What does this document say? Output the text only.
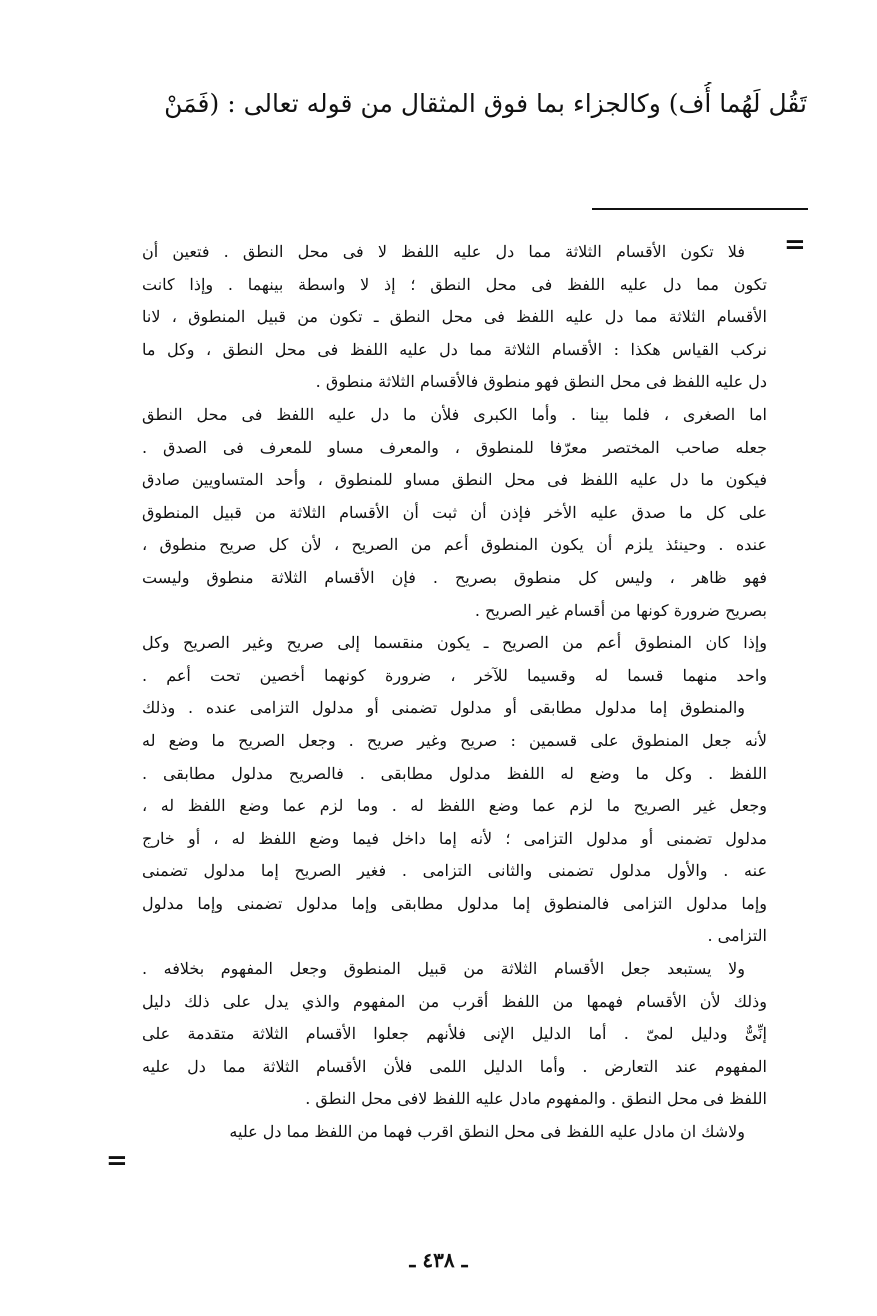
تَقُل لَهُما أُف) وكالجزاء بما فوق المثقال من قوله تعالى : (فَمَنْ
=
فلا تكون الأقسام الثلاثة مما دل عليه اللفظ لا فى محل النطق . فتعين أن
تكون مما دل عليه اللفظ فى محل النطق ؛ إذ لا واسطة بينهما . وإذا كانت
الأقسام الثلاثة مما دل عليه اللفظ فى محل النطق ـ تكون من قبيل المنطوق ، لانا
نركب القياس هكذا : الأقسام الثلاثة مما دل عليه اللفظ فى محل النطق ، وكل ما
دل عليه اللفظ فى محل النطق فهو منطوق فالأقسام الثلاثة منطوق .
اما الصغرى ، فلما بينا . وأما الكبرى فلأن ما دل عليه اللفظ فى محل النطق
جعله صاحب المختصر معرّفا للمنطوق ، والمعرف مساو للمعرف فى الصدق .
فيكون ما دل عليه اللفظ فى محل النطق مساو للمنطوق ، وأحد المتساويين صادق
على كل ما صدق عليه الأخر فإذن أن ثبت أن الأقسام الثلاثة من قبيل المنطوق
عنده . وحينئذ يلزم أن يكون المنطوق أعم من الصريح ، لأن كل صريح منطوق ،
فهو ظاهر ، وليس كل منطوق بصريح . فإن الأقسام الثلاثة منطوق وليست
بصريح ضرورة كونها من أقسام غير الصريح .
وإذا كان المنطوق أعم من الصريح ـ يكون منقسما إلى صريح وغير الصريح وكل
واحد منهما قسما له وقسيما للآخر ، ضرورة كونهما أخصين تحت أعم .
والمنطوق إما مدلول مطابقى أو مدلول تضمنى أو مدلول التزامى عنده . وذلك
لأنه جعل المنطوق على قسمين : صريح وغير صريح . وجعل الصريح ما وضع له
اللفظ . وكل ما وضع له اللفظ مدلول مطابقى . فالصريح مدلول مطابقى .
وجعل غير الصريح ما لزم عما وضع اللفظ له . وما لزم عما وضع اللفظ له ،
مدلول تضمنى أو مدلول التزامى ؛ لأنه إما داخل فيما وضع اللفظ له ، أو خارج
عنه . والأول مدلول تضمنى والثانى التزامى . فغير الصريح إما مدلول تضمنى
وإما مدلول التزامى فالمنطوق إما مدلول مطابقى وإما مدلول تضمنى وإما مدلول
التزامى .
ولا يستبعد جعل الأقسام الثلاثة من قبيل المنطوق وجعل المفهوم بخلافه .
وذلك لأن الأقسام فهمها من اللفظ أقرب من المفهوم والذي يدل على ذلك دليل
إنِّىٌّ ودليل لمىّ . أما الدليل الإنى فلأنهم جعلوا الأقسام الثلاثة متقدمة على
المفهوم عند التعارض . وأما الدليل اللمى فلأن الأقسام الثلاثة مما دل عليه
اللفظ فى محل النطق . والمفهوم مادل عليه اللفظ لافى محل النطق .
ولاشك ان مادل عليه اللفظ فى محل النطق اقرب فهما من اللفظ مما دل عليه
=
ـ ٤٣٨ ـ
